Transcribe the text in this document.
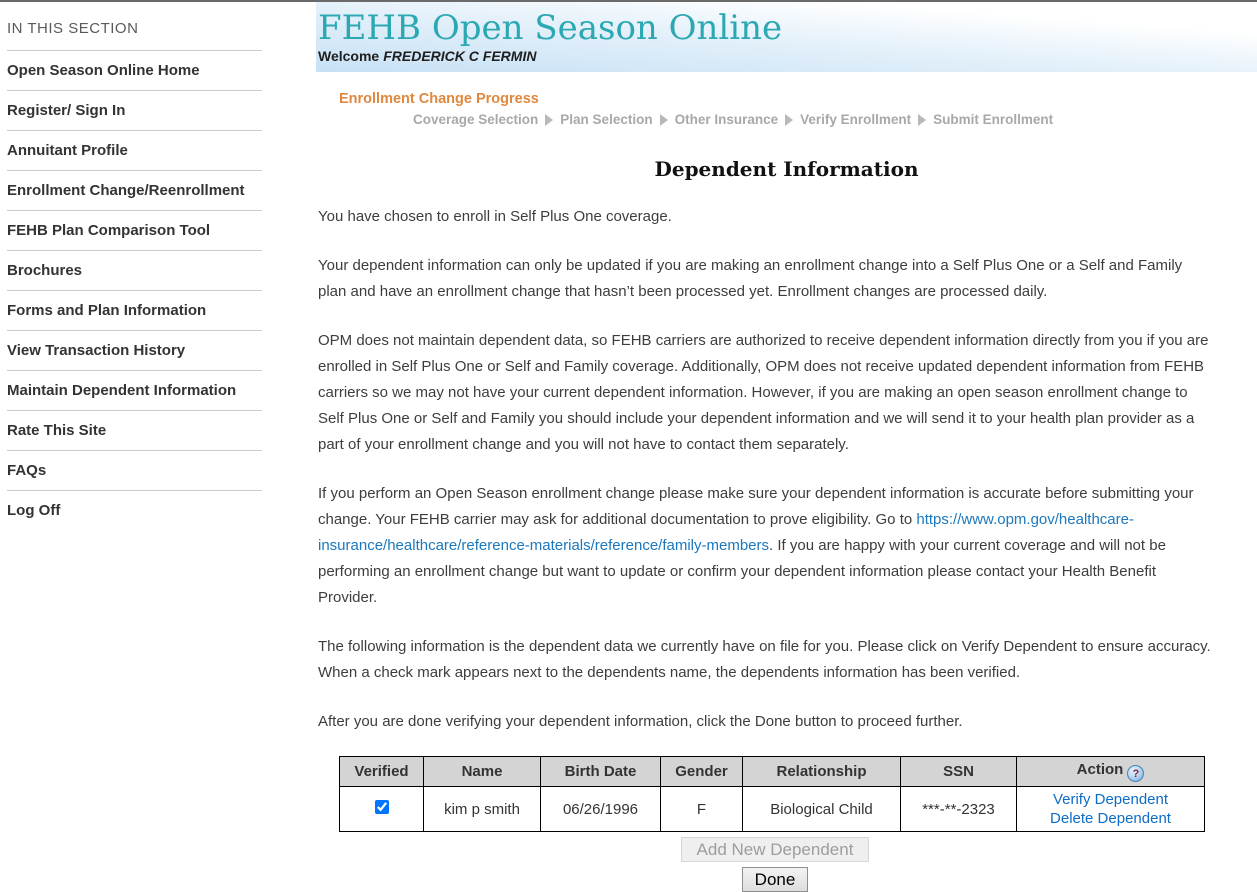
IN THIS SECTION
Open Season Online Home
Register/ Sign In
Annuitant Profile
Enrollment Change/Reenrollment
FEHB Plan Comparison Tool
Brochures
Forms and Plan Information
View Transaction History
Maintain Dependent Information
Rate This Site
FAQs
Log Off
FEHB Open Season Online
Welcome FREDERICK C FERMIN
Enrollment Change Progress
Coverage Selection Plan Selection Other Insurance Verify Enrollment Submit Enrollment
Dependent Information

You have chosen to enroll in Self Plus One coverage.

Your dependent information can only be updated if you are making an enrollment change into a Self Plus One or a Self and Family plan and have an enrollment change that hasn’t been processed yet. Enrollment changes are processed daily.

OPM does not maintain dependent data, so FEHB carriers are authorized to receive dependent information directly from you if you are enrolled in Self Plus One or Self and Family coverage. Additionally, OPM does not receive updated dependent information from FEHB carriers so we may not have your current dependent information. However, if you are making an open season enrollment change to Self Plus One or Self and Family you should include your dependent information and we will send it to your health plan provider as a part of your enrollment change and you will not have to contact them separately.

If you perform an Open Season enrollment change please make sure your dependent information is accurate before submitting your change. Your FEHB carrier may ask for additional documentation to prove eligibility. Go to https://www.opm.gov/healthcare-insurance/healthcare/reference-materials/reference/family-members. If you are happy with your current coverage and will not be performing an enrollment change but want to update or confirm your dependent information please contact your Health Benefit Provider.

The following information is the dependent data we currently have on file for you. Please click on Verify Dependent to ensure accuracy. When a check mark appears next to the dependents name, the dependents information has been verified.

After you are done verifying your dependent information, click the Done button to proceed further.

Verified	Name	Birth Date	Gender	Relationship	SSN	Action ?
	kim p smith	06/26/1996	F	Biological Child	***-**-2323	Verify Dependent
Delete Dependent
Add New Dependent
Done
